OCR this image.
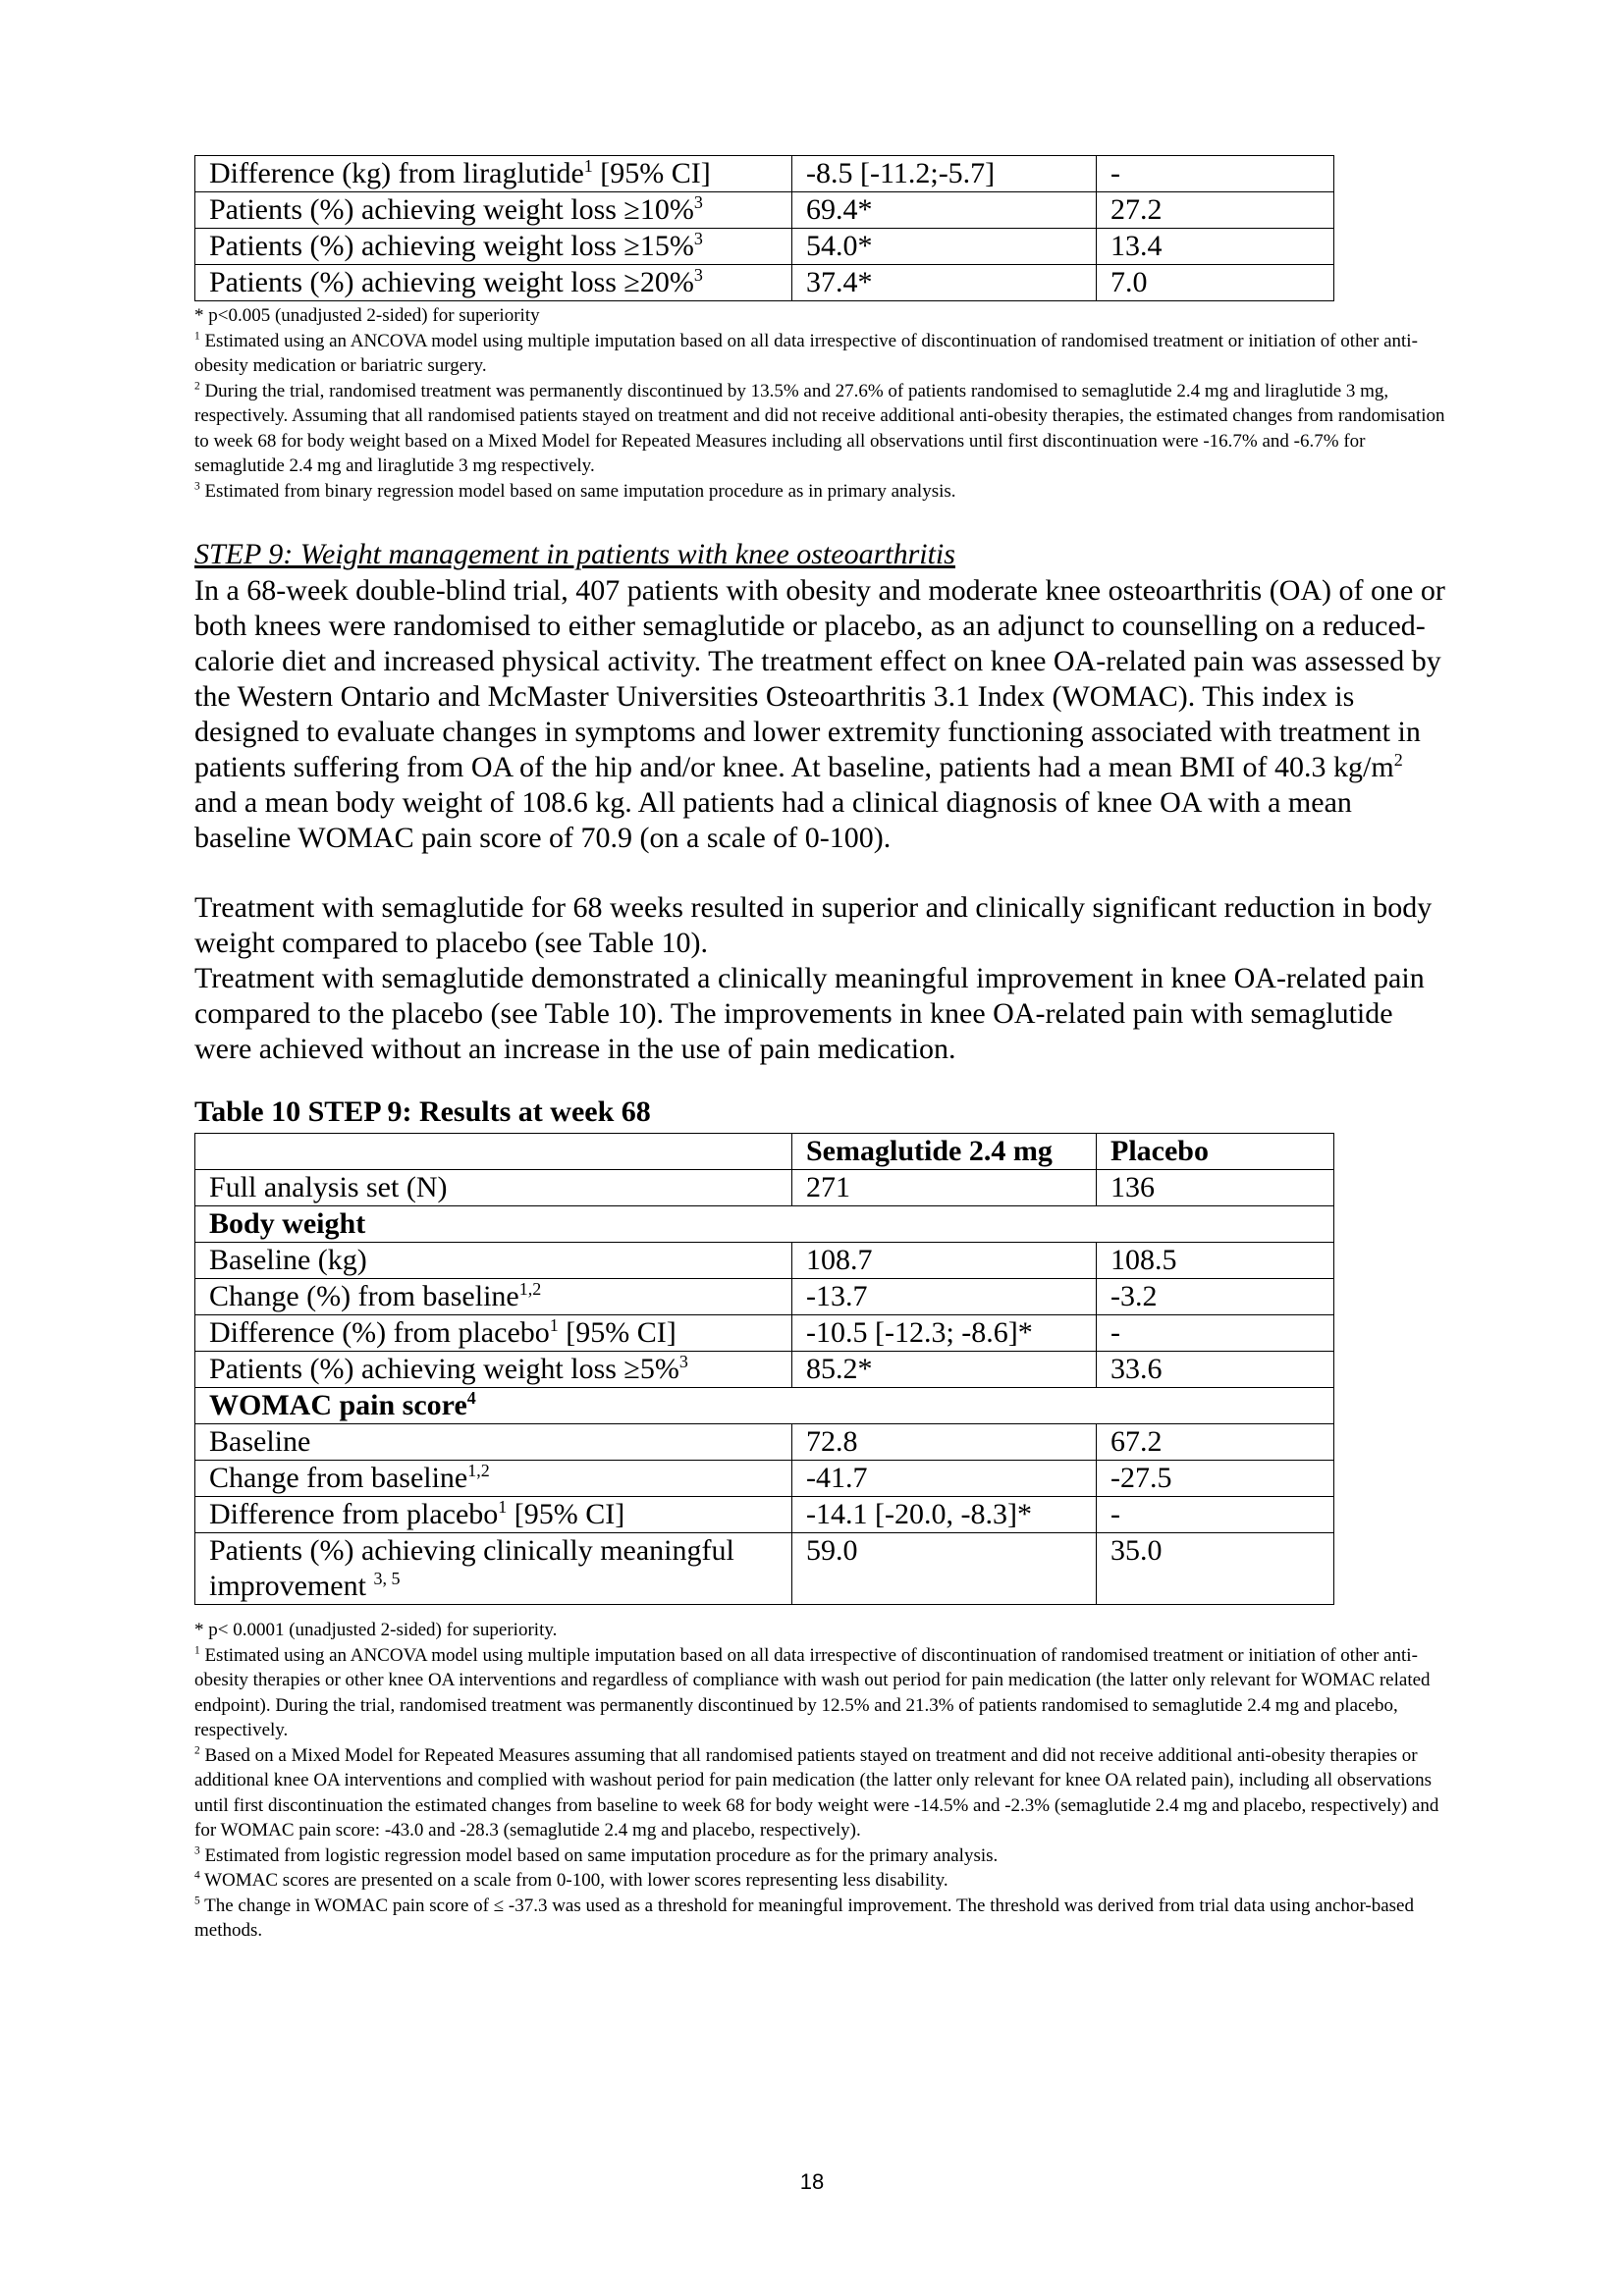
Difference (kg) from liraglutide$^1$ [95% CI]	-8.5 [-11.2;-5.7]	-
Patients (%) achieving weight loss ≥10%$^3$	69.4*	27.2
Patients (%) achieving weight loss ≥15%$^3$	54.0*	13.4
Patients (%) achieving weight loss ≥20%$^3$	37.4*	7.0

* p<0.005 (unadjusted 2-sided) for superiority

$^1$ Estimated using an ANCOVA model using multiple imputation based on all data irrespective of discontinuation of randomised treatment or initiation of other anti-obesity medication or bariatric surgery.

$^2$ During the trial, randomised treatment was permanently discontinued by 13.5% and 27.6% of patients randomised to semaglutide 2.4 mg and liraglutide 3 mg, respectively. Assuming that all randomised patients stayed on treatment and did not receive additional anti-obesity therapies, the estimated changes from randomisation to week 68 for body weight based on a Mixed Model for Repeated Measures including all observations until first discontinuation were -16.7% and -6.7% for semaglutide 2.4 mg and liraglutide 3 mg respectively.

$^3$ Estimated from binary regression model based on same imputation procedure as in primary analysis.

STEP 9: Weight management in patients with knee osteoarthritis

In a 68-week double-blind trial, 407 patients with obesity and moderate knee osteoarthritis (OA) of one or both knees were randomised to either semaglutide or placebo, as an adjunct to counselling on a reduced-calorie diet and increased physical activity. The treatment effect on knee OA-related pain was assessed by the Western Ontario and McMaster Universities Osteoarthritis 3.1 Index (WOMAC). This index is designed to evaluate changes in symptoms and lower extremity functioning associated with treatment in patients suffering from OA of the hip and/or knee. At baseline, patients had a mean BMI of 40.3 $kg/m^2$ and a mean body weight of 108.6 kg. All patients had a clinical diagnosis of knee OA with a mean baseline WOMAC pain score of 70.9 (on a scale of 0-100).

Treatment with semaglutide for 68 weeks resulted in superior and clinically significant reduction in body weight compared to placebo (see Table 10).

Treatment with semaglutide demonstrated a clinically meaningful improvement in knee OA-related pain compared to the placebo (see Table 10). The improvements in knee OA-related pain with semaglutide were achieved without an increase in the use of pain medication.

Table 10 STEP 9: Results at week 68
	Semaglutide 2.4 mg	Placebo
Full analysis set (N)	271	136
Body weight		
Baseline (kg)	108.7	108.5
Change (%) from baseline$^{1,2}$	-13.7	-3.2
Difference (%) from placebo$^1$ [95% CI]	-10.5 [-12.3; -8.6]*	-
Patients (%) achieving weight loss ≥5%$^3$	85.2*	33.6
WOMAC pain score$^4$
Baseline	72.8	67.2
Change from baseline$^{1,2}$	-41.7	-27.5
Difference from placebo$^1$ [95% CI]	-14.1 [-20.0, -8.3]*	-
Patients (%) achieving clinically meaningful improvement $^{3, 5}$	59.0	35.0

* p< 0.0001 (unadjusted 2-sided) for superiority.

$^1$ Estimated using an ANCOVA model using multiple imputation based on all data irrespective of discontinuation of randomised treatment or initiation of other anti-obesity therapies or other knee OA interventions and regardless of compliance with wash out period for pain medication (the latter only relevant for WOMAC related endpoint). During the trial, randomised treatment was permanently discontinued by 12.5% and 21.3% of patients randomised to semaglutide 2.4 mg and placebo, respectively.

$^2$ Based on a Mixed Model for Repeated Measures assuming that all randomised patients stayed on treatment and did not receive additional anti-obesity therapies or additional knee OA interventions and complied with washout period for pain medication (the latter only relevant for knee OA related pain), including all observations until first discontinuation the estimated changes from baseline to week 68 for body weight were -14.5% and -2.3% (semaglutide 2.4 mg and placebo, respectively) and for WOMAC pain score: -43.0 and -28.3 (semaglutide 2.4 mg and placebo, respectively).

$^3$ Estimated from logistic regression model based on same imputation procedure as for the primary analysis.

$^4$ WOMAC scores are presented on a scale from 0-100, with lower scores representing less disability.

$^5$ The change in WOMAC pain score of ≤ -37.3 was used as a threshold for meaningful improvement. The threshold was derived from trial data using anchor-based methods.

18
